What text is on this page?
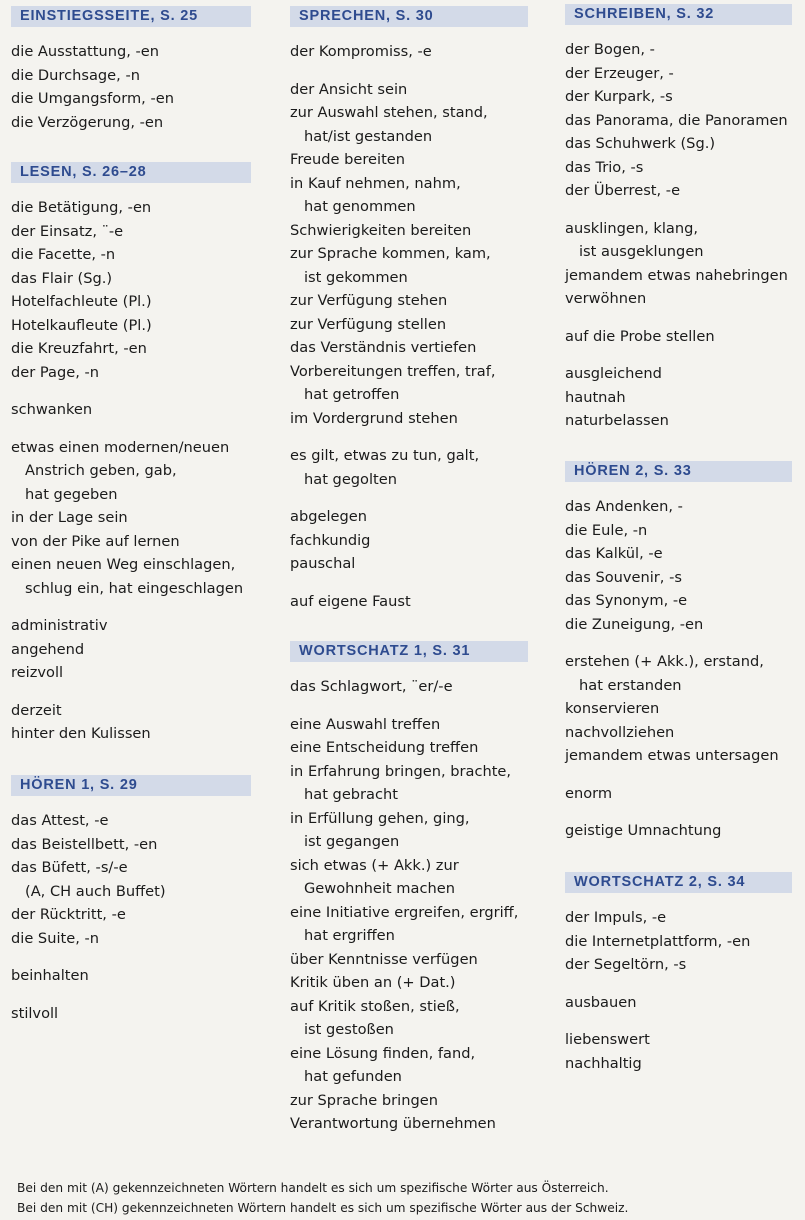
EINSTIEGSSEITE, S. 25
die Ausstattung, -en
die Durchsage, -n
die Umgangsform, -en
die Verzögerung, -en
LESEN, S. 26–28
die Betätigung, -en
der Einsatz, ¨-e
die Facette, -n
das Flair (Sg.)
Hotelfachleute (Pl.)
Hotelkaufleute (Pl.)
die Kreuzfahrt, -en
der Page, -n
schwanken
etwas einen modernen/neuen
Anstrich geben, gab,
hat gegeben
in der Lage sein
von der Pike auf lernen
einen neuen Weg einschlagen,
schlug ein, hat eingeschlagen
administrativ
angehend
reizvoll
derzeit
hinter den Kulissen
HÖREN 1, S. 29
das Attest, -e
das Beistellbett, -en
das Büfett, -s/-e
(A, CH auch Buffet)
der Rücktritt, -e
die Suite, -n
beinhalten
stilvoll
SPRECHEN, S. 30
der Kompromiss, -e
der Ansicht sein
zur Auswahl stehen, stand,
hat/ist gestanden
Freude bereiten
in Kauf nehmen, nahm,
hat genommen
Schwierigkeiten bereiten
zur Sprache kommen, kam,
ist gekommen
zur Verfügung stehen
zur Verfügung stellen
das Verständnis vertiefen
Vorbereitungen treffen, traf,
hat getroffen
im Vordergrund stehen
es gilt, etwas zu tun, galt,
hat gegolten
abgelegen
fachkundig
pauschal
auf eigene Faust
WORTSCHATZ 1, S. 31
das Schlagwort, ¨er/-e
eine Auswahl treffen
eine Entscheidung treffen
in Erfahrung bringen, brachte,
hat gebracht
in Erfüllung gehen, ging,
ist gegangen
sich etwas (+ Akk.) zur
Gewohnheit machen
eine Initiative ergreifen, ergriff,
hat ergriffen
über Kenntnisse verfügen
Kritik üben an (+ Dat.)
auf Kritik stoßen, stieß,
ist gestoßen
eine Lösung finden, fand,
hat gefunden
zur Sprache bringen
Verantwortung übernehmen
SCHREIBEN, S. 32
der Bogen, -
der Erzeuger, -
der Kurpark, -s
das Panorama, die Panoramen
das Schuhwerk (Sg.)
das Trio, -s
der Überrest, -e
ausklingen, klang,
ist ausgeklungen
jemandem etwas nahebringen
verwöhnen
auf die Probe stellen
ausgleichend
hautnah
naturbelassen
HÖREN 2, S. 33
das Andenken, -
die Eule, -n
das Kalkül, -e
das Souvenir, -s
das Synonym, -e
die Zuneigung, -en
erstehen (+ Akk.), erstand,
hat erstanden
konservieren
nachvollziehen
jemandem etwas untersagen
enorm
geistige Umnachtung
WORTSCHATZ 2, S. 34
der Impuls, -e
die Internetplattform, -en
der Segeltörn, -s
ausbauen
liebenswert
nachhaltig
Bei den mit (A) gekennzeichneten Wörtern handelt es sich um spezifische Wörter aus Österreich.
Bei den mit (CH) gekennzeichneten Wörtern handelt es sich um spezifische Wörter aus der Schweiz.
